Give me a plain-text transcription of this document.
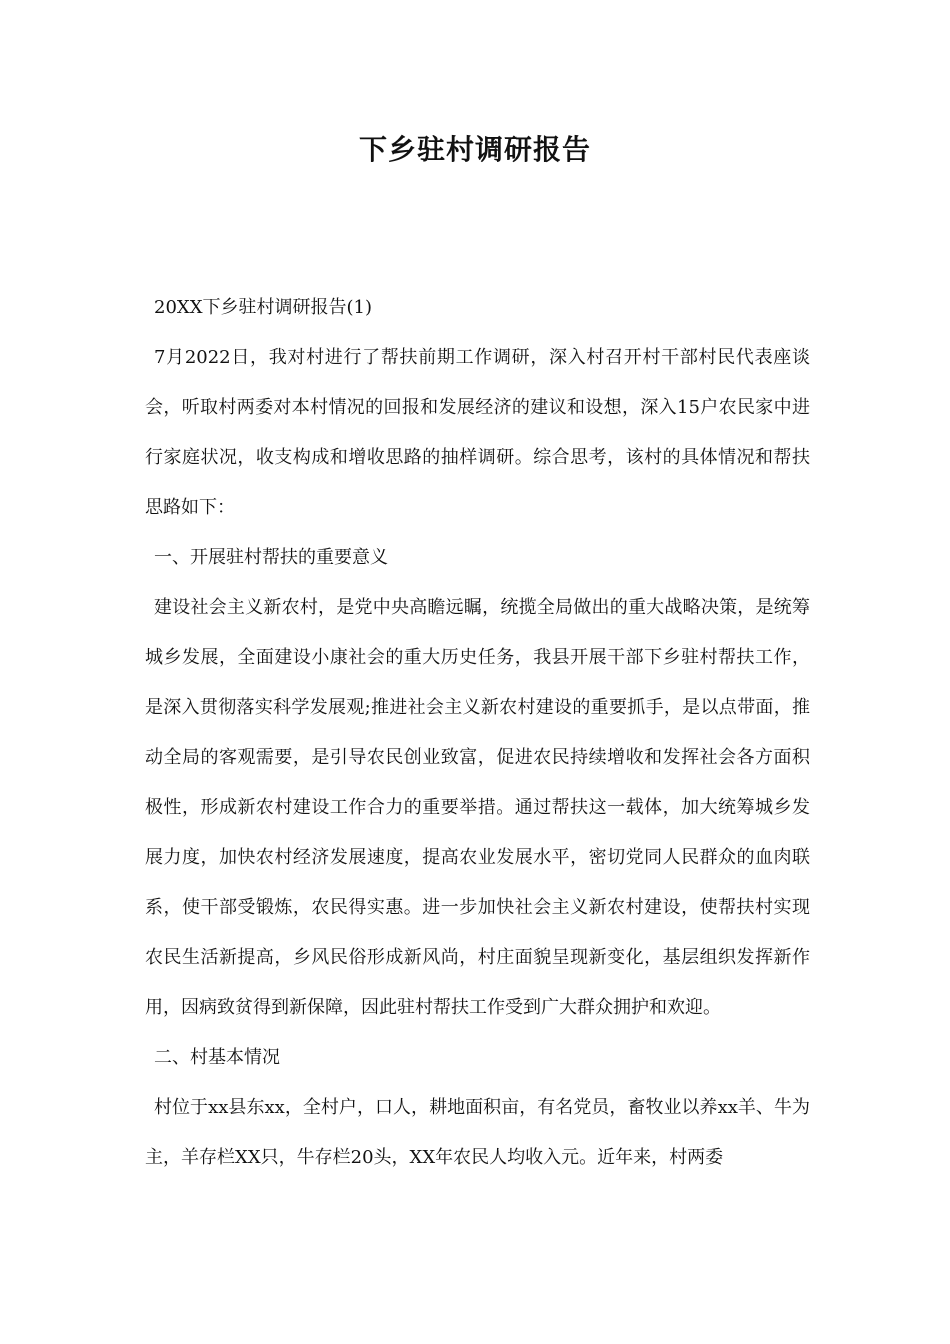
下乡驻村调研报告

20XX下乡驻村调研报告(1)

7月2022日，我对村进行了帮扶前期工作调研，深入村召开村干部村民代表座谈会，听取村两委对本村情况的回报和发展经济的建议和设想，深入15户农民家中进行家庭状况，收支构成和增收思路的抽样调研。综合思考，该村的具体情况和帮扶思路如下：

一、开展驻村帮扶的重要意义

建设社会主义新农村，是党中央高瞻远瞩，统揽全局做出的重大战略决策，是统筹城乡发展，全面建设小康社会的重大历史任务，我县开展干部下乡驻村帮扶工作，是深入贯彻落实科学发展观;推进社会主义新农村建设的重要抓手，是以点带面，推动全局的客观需要，是引导农民创业致富，促进农民持续增收和发挥社会各方面积极性，形成新农村建设工作合力的重要举措。通过帮扶这一载体，加大统筹城乡发展力度，加快农村经济发展速度，提高农业发展水平，密切党同人民群众的血肉联系，使干部受锻炼，农民得实惠。进一步加快社会主义新农村建设，使帮扶村实现农民生活新提高，乡风民俗形成新风尚，村庄面貌呈现新变化，基层组织发挥新作用，因病致贫得到新保障，因此驻村帮扶工作受到广大群众拥护和欢迎。

二、村基本情况

村位于xx县东xx，全村户，口人，耕地面积亩，有名党员，畜牧业以养xx羊、牛为主，羊存栏XX只，牛存栏20头，XX年农民人均收入元。近年来，村两委
